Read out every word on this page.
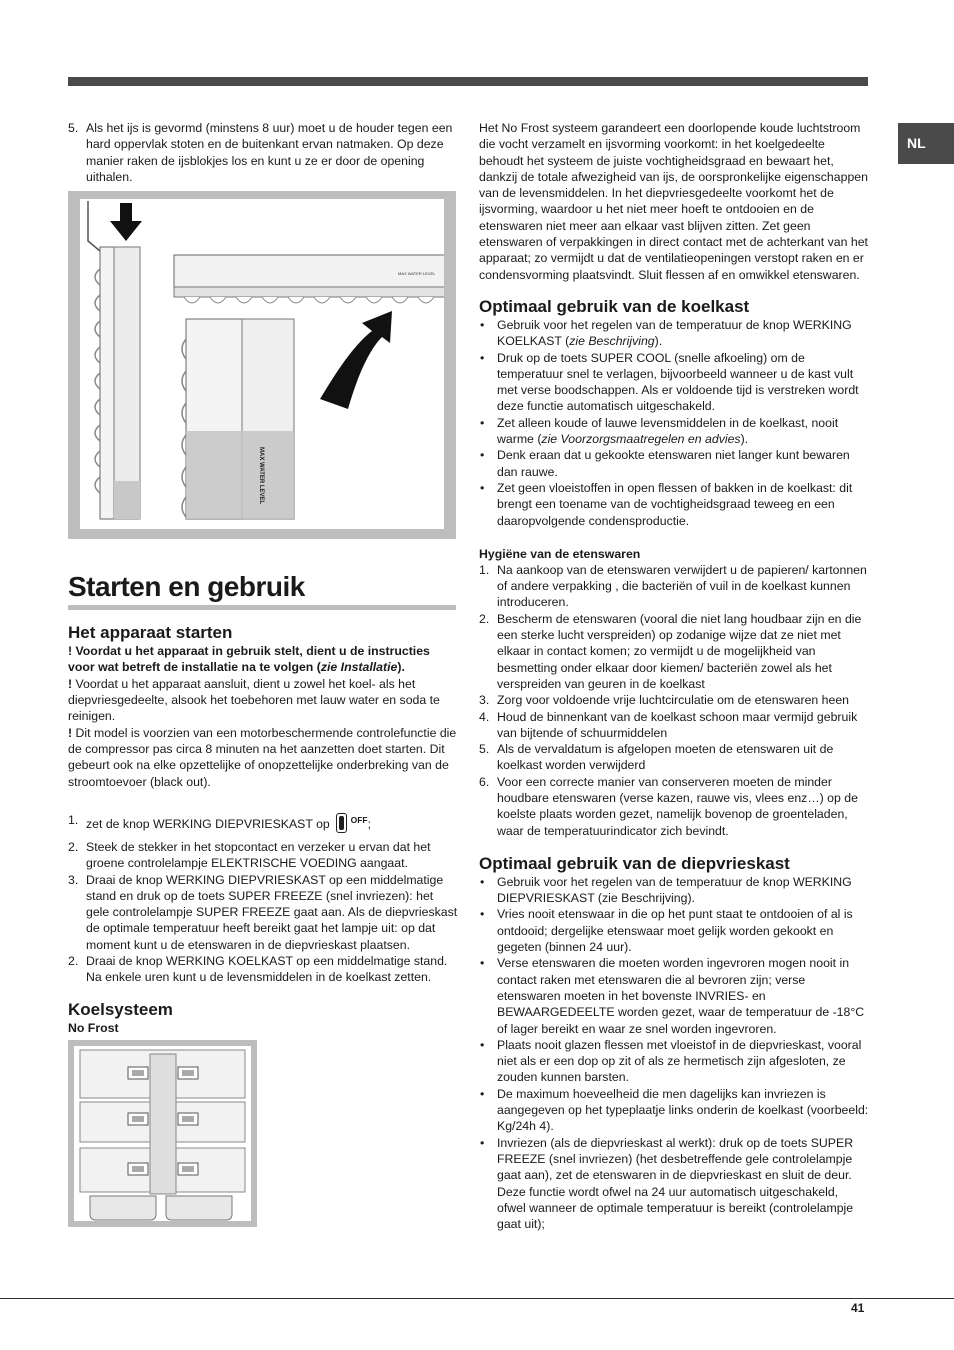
NL
5. Als het ijs is gevormd (minstens 8 uur) moet u de houder tegen een hard oppervlak stoten en de buitenkant ervan natmaken. Op deze manier raken de ijsblokjes los en kunt u ze er door de opening uithalen.
MAX WATER LEVEL
MAX WATER LEVEL
Starten en gebruik
Het apparaat starten

! Voordat u het apparaat in gebruik stelt, dient u de instructies voor wat betreft de installatie na te volgen (zie Installatie).

! Voordat u het apparaat aansluit, dient u zowel het koel- als het diepvriesgedeelte, alsook het toebehoren met lauw water en soda te reinigen.

! Dit model is voorzien van een motorbeschermende controlefunctie die de compressor pas circa 8 minuten na het aanzetten doet starten. Dit gebeurt ook na elke opzettelijke of onopzettelijke onderbreking van de stroomtoevoer (black out).

1. zet de knop WERKING DIEPVRIESKAST op $^{OFF}$;
2. Steek de stekker in het stopcontact en verzeker u ervan dat het groene controlelampje ELEKTRISCHE VOEDING aangaat.
3. Draai de knop WERKING DIEPVRIESKAST op een middelmatige stand en druk op de toets SUPER FREEZE (snel invriezen): het gele controlelampje SUPER FREEZE gaat aan. Als de diepvrieskast de optimale temperatuur heeft bereikt gaat het lampje uit: op dat moment kunt u de etenswaren in de diepvrieskast plaatsen.
2. Draai de knop WERKING KOELKAST op een middelmatige stand. Na enkele uren kunt u de levensmiddelen in de koelkast zetten.
Koelsysteem
No Frost

Het No Frost systeem garandeert een doorlopende koude luchtstroom die vocht verzamelt en ijsvorming voorkomt: in het koelgedeelte behoudt het systeem de juiste vochtigheidsgraad en bewaart het, dankzij de totale afwezigheid van ijs, de oorspronkelijke eigenschappen van de levensmiddelen. In het diepvriesgedeelte voorkomt het de ijsvorming, waardoor u het niet meer hoeft te ontdooien en de etenswaren niet meer aan elkaar vast blijven zitten. Zet geen etenswaren of verpakkingen in direct contact met de achterkant van het apparaat; zo vermijdt u dat de ventilatieopeningen verstopt raken en er condensvorming plaatsvindt. Sluit flessen af en omwikkel etenswaren.

Optimaal gebruik van de koelkast
• Gebruik voor het regelen van de temperatuur de knop WERKING KOELKAST (zie Beschrijving).
• Druk op de toets SUPER COOL (snelle afkoeling) om de temperatuur snel te verlagen, bijvoorbeeld wanneer u de kast vult met verse boodschappen. Als er voldoende tijd is verstreken wordt deze functie automatisch uitgeschakeld.
• Zet alleen koude of lauwe levensmiddelen in de koelkast, nooit warme (zie Voorzorgsmaatregelen en advies).
• Denk eraan dat u gekookte etenswaren niet langer kunt bewaren dan rauwe.
• Zet geen vloeistoffen in open flessen of bakken in de koelkast: dit brengt een toename van de vochtigheidsgraad teweeg en een daaropvolgende condensproductie.
Hygiëne van de etenswaren
1. Na aankoop van de etenswaren verwijdert u de papieren/ kartonnen of andere verpakking , die bacteriën of vuil in de koelkast kunnen introduceren.
2. Bescherm de etenswaren (vooral die niet lang houdbaar zijn en die een sterke lucht verspreiden) op zodanige wijze dat ze niet met elkaar in contact komen; zo vermijdt u de mogelijkheid van besmetting onder elkaar door kiemen/ bacteriën zowel als het verspreiden van geuren in de koelkast
3. Zorg voor voldoende vrije luchtcirculatie om de etenswaren heen
4. Houd de binnenkant van de koelkast schoon maar vermijd gebruik van bijtende of schuurmiddelen
5. Als de vervaldatum is afgelopen moeten de etenswaren uit de koelkast worden verwijderd
6. Voor een correcte manier van conserveren moeten de minder houdbare etenswaren (verse kazen, rauwe vis, vlees enz…) op de koelste plaats worden gezet, namelijk bovenop de groenteladen, waar de temperatuurindicator zich bevindt.
Optimaal gebruik van de diepvrieskast
• Gebruik voor het regelen van de temperatuur de knop WERKING DIEPVRIESKAST (zie Beschrijving).
• Vries nooit etenswaar in die op het punt staat te ontdooien of al is ontdooid; dergelijke etenswaar moet gelijk worden gekookt en gegeten (binnen 24 uur).
• Verse etenswaren die moeten worden ingevroren mogen nooit in contact raken met etenswaren die al bevroren zijn; verse etenswaren moeten in het bovenste INVRIES- en BEWAARGEDEELTE worden gezet, waar de temperatuur de -18°C of lager bereikt en waar ze snel worden ingevroren.
• Plaats nooit glazen flessen met vloeistof in de diepvrieskast, vooral niet als er een dop op zit of als ze hermetisch zijn afgesloten, ze zouden kunnen barsten.
• De maximum hoeveelheid die men dagelijks kan invriezen is aangegeven op het typeplaatje links onderin de koelkast (voorbeeld: Kg/24h 4).
• Invriezen (als de diepvrieskast al werkt): druk op de toets SUPER FREEZE (snel invriezen) (het desbetreffende gele controlelampje gaat aan), zet de etenswaren in de diepvrieskast en sluit de deur. Deze functie wordt ofwel na 24 uur automatisch uitgeschakeld, ofwel wanneer de optimale temperatuur is bereikt (controlelampje gaat uit);
41
